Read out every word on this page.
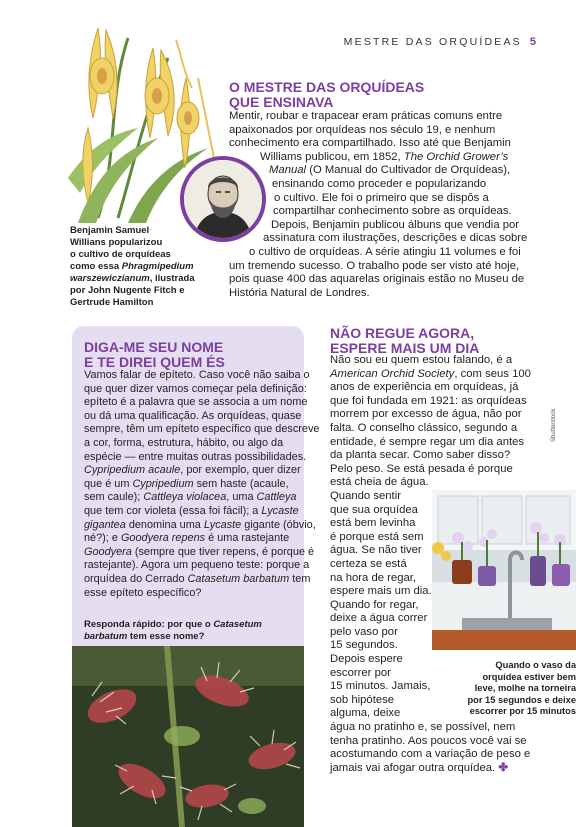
MESTRE DAS ORQUÍDEAS 5
O MESTRE DAS ORQUÍDEAS
QUE ENSINAVA
Mentir, roubar e trapacear eram práticas comuns entre
apaixonados por orquídeas nos século 19, e nenhum
conhecimento era compartilhado. Isso até que Benjamin
Williams publicou, em 1852, The Orchid Grower’s
Manual (O Manual do Cultivador de Orquídeas),
ensinando como proceder e popularizando
o cultivo. Ele foi o primeiro que se dispôs a
compartilhar conhecimento sobre as orquídeas.
Depois, Benjamin publicou álbuns que vendia por
assinatura com ilustrações, descrições e dicas sobre
o cultivo de orquídeas. A série atingiu 11 volumes e foi
um tremendo sucesso. O trabalho pode ser visto até hoje,
pois quase 400 das aquarelas originais estão no Museu de
História Natural de Londres.
Benjamin Samuel
Willians popularizou
o cultivo de orquídeas
como essa Phragmipedium
warszewiczianum, ilustrada
por John Nugente Fitch e
Gertrude Hamilton
DIGA-ME SEU NOME
E TE DIREI QUEM ÉS
Vamos falar de epíteto. Caso você não saiba o
que quer dizer vamos começar pela definição:
epíteto é a palavra que se associa a um nome
ou dá uma qualificação. As orquídeas, quase
sempre, têm um epíteto específico que descreve
a cor, forma, estrutura, hábito, ou algo da
espécie — entre muitas outras possibilidades.
Cypripedium acaule, por exemplo, quer dizer
que é um Cypripedium sem haste (acaule,
sem caule); Cattleya violacea, uma Cattleya
que tem cor violeta (essa foi fácil); a Lycaste
gigantea denomina uma Lycaste gigante (óbvio,
né?); e Goodyera repens é uma rastejante
Goodyera (sempre que tiver repens, é porque é
rastejante). Agora um pequeno teste: porque a
orquídea do Cerrado Catasetum barbatum tem
esse epíteto específico?
Responda rápido: por que o Catasetum
barbatum tem esse nome?
NÃO REGUE AGORA,
ESPERE MAIS UM DIA
Não sou eu quem estou falando, é a
American Orchid Society, com seus 100
anos de experiência em orquídeas, já
que foi fundada em 1921: as orquídeas
morrem por excesso de água, não por
falta. O conselho clássico, segundo a
entidade, é sempre regar um dia antes
da planta secar. Como saber disso?
Pelo peso. Se está pesada é porque
está cheia de água.
Quando sentir
que sua orquídea
está bem levinha
é porque está sem
água. Se não tiver
certeza se está
na hora de regar,
espere mais um dia.
Quando for regar,
deixe a água correr
pelo vaso por
15 segundos.
Depois espere
escorrer por
15 minutos. Jamais,
sob hipótese
alguma, deixe
água no pratinho e, se possível, nem
tenha pratinho. Aos poucos você vai se
acostumando com a variação de peso e
jamais vai afogar outra orquídea. ✤
Quando o vaso da
orquídea estiver bem
leve, molhe na torneira
por 15 segundos e deixe
escorrer por 15 minutos
Shutterstock
